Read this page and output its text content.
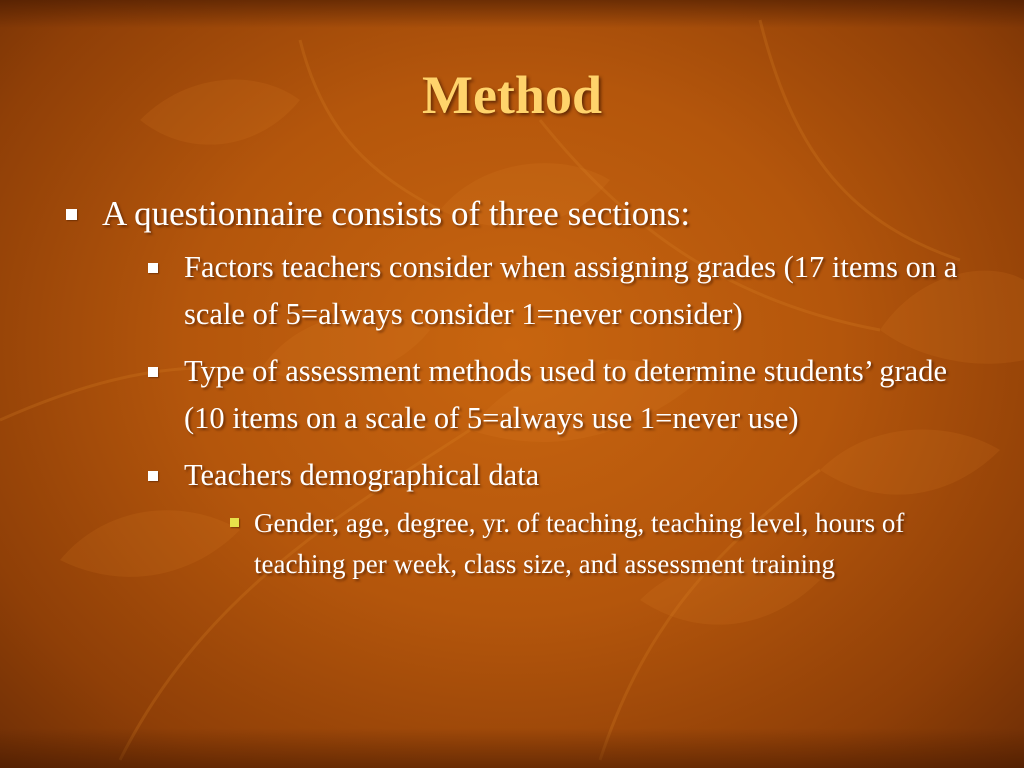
Method
A questionnaire consists of three sections:
Factors teachers consider when assigning grades (17 items on a scale of 5=always consider 1=never consider)
Type of assessment methods used to determine students’ grade (10 items on a scale of 5=always use 1=never use)
Teachers demographical data
Gender, age, degree, yr. of teaching, teaching level, hours of teaching per week, class size, and assessment training
